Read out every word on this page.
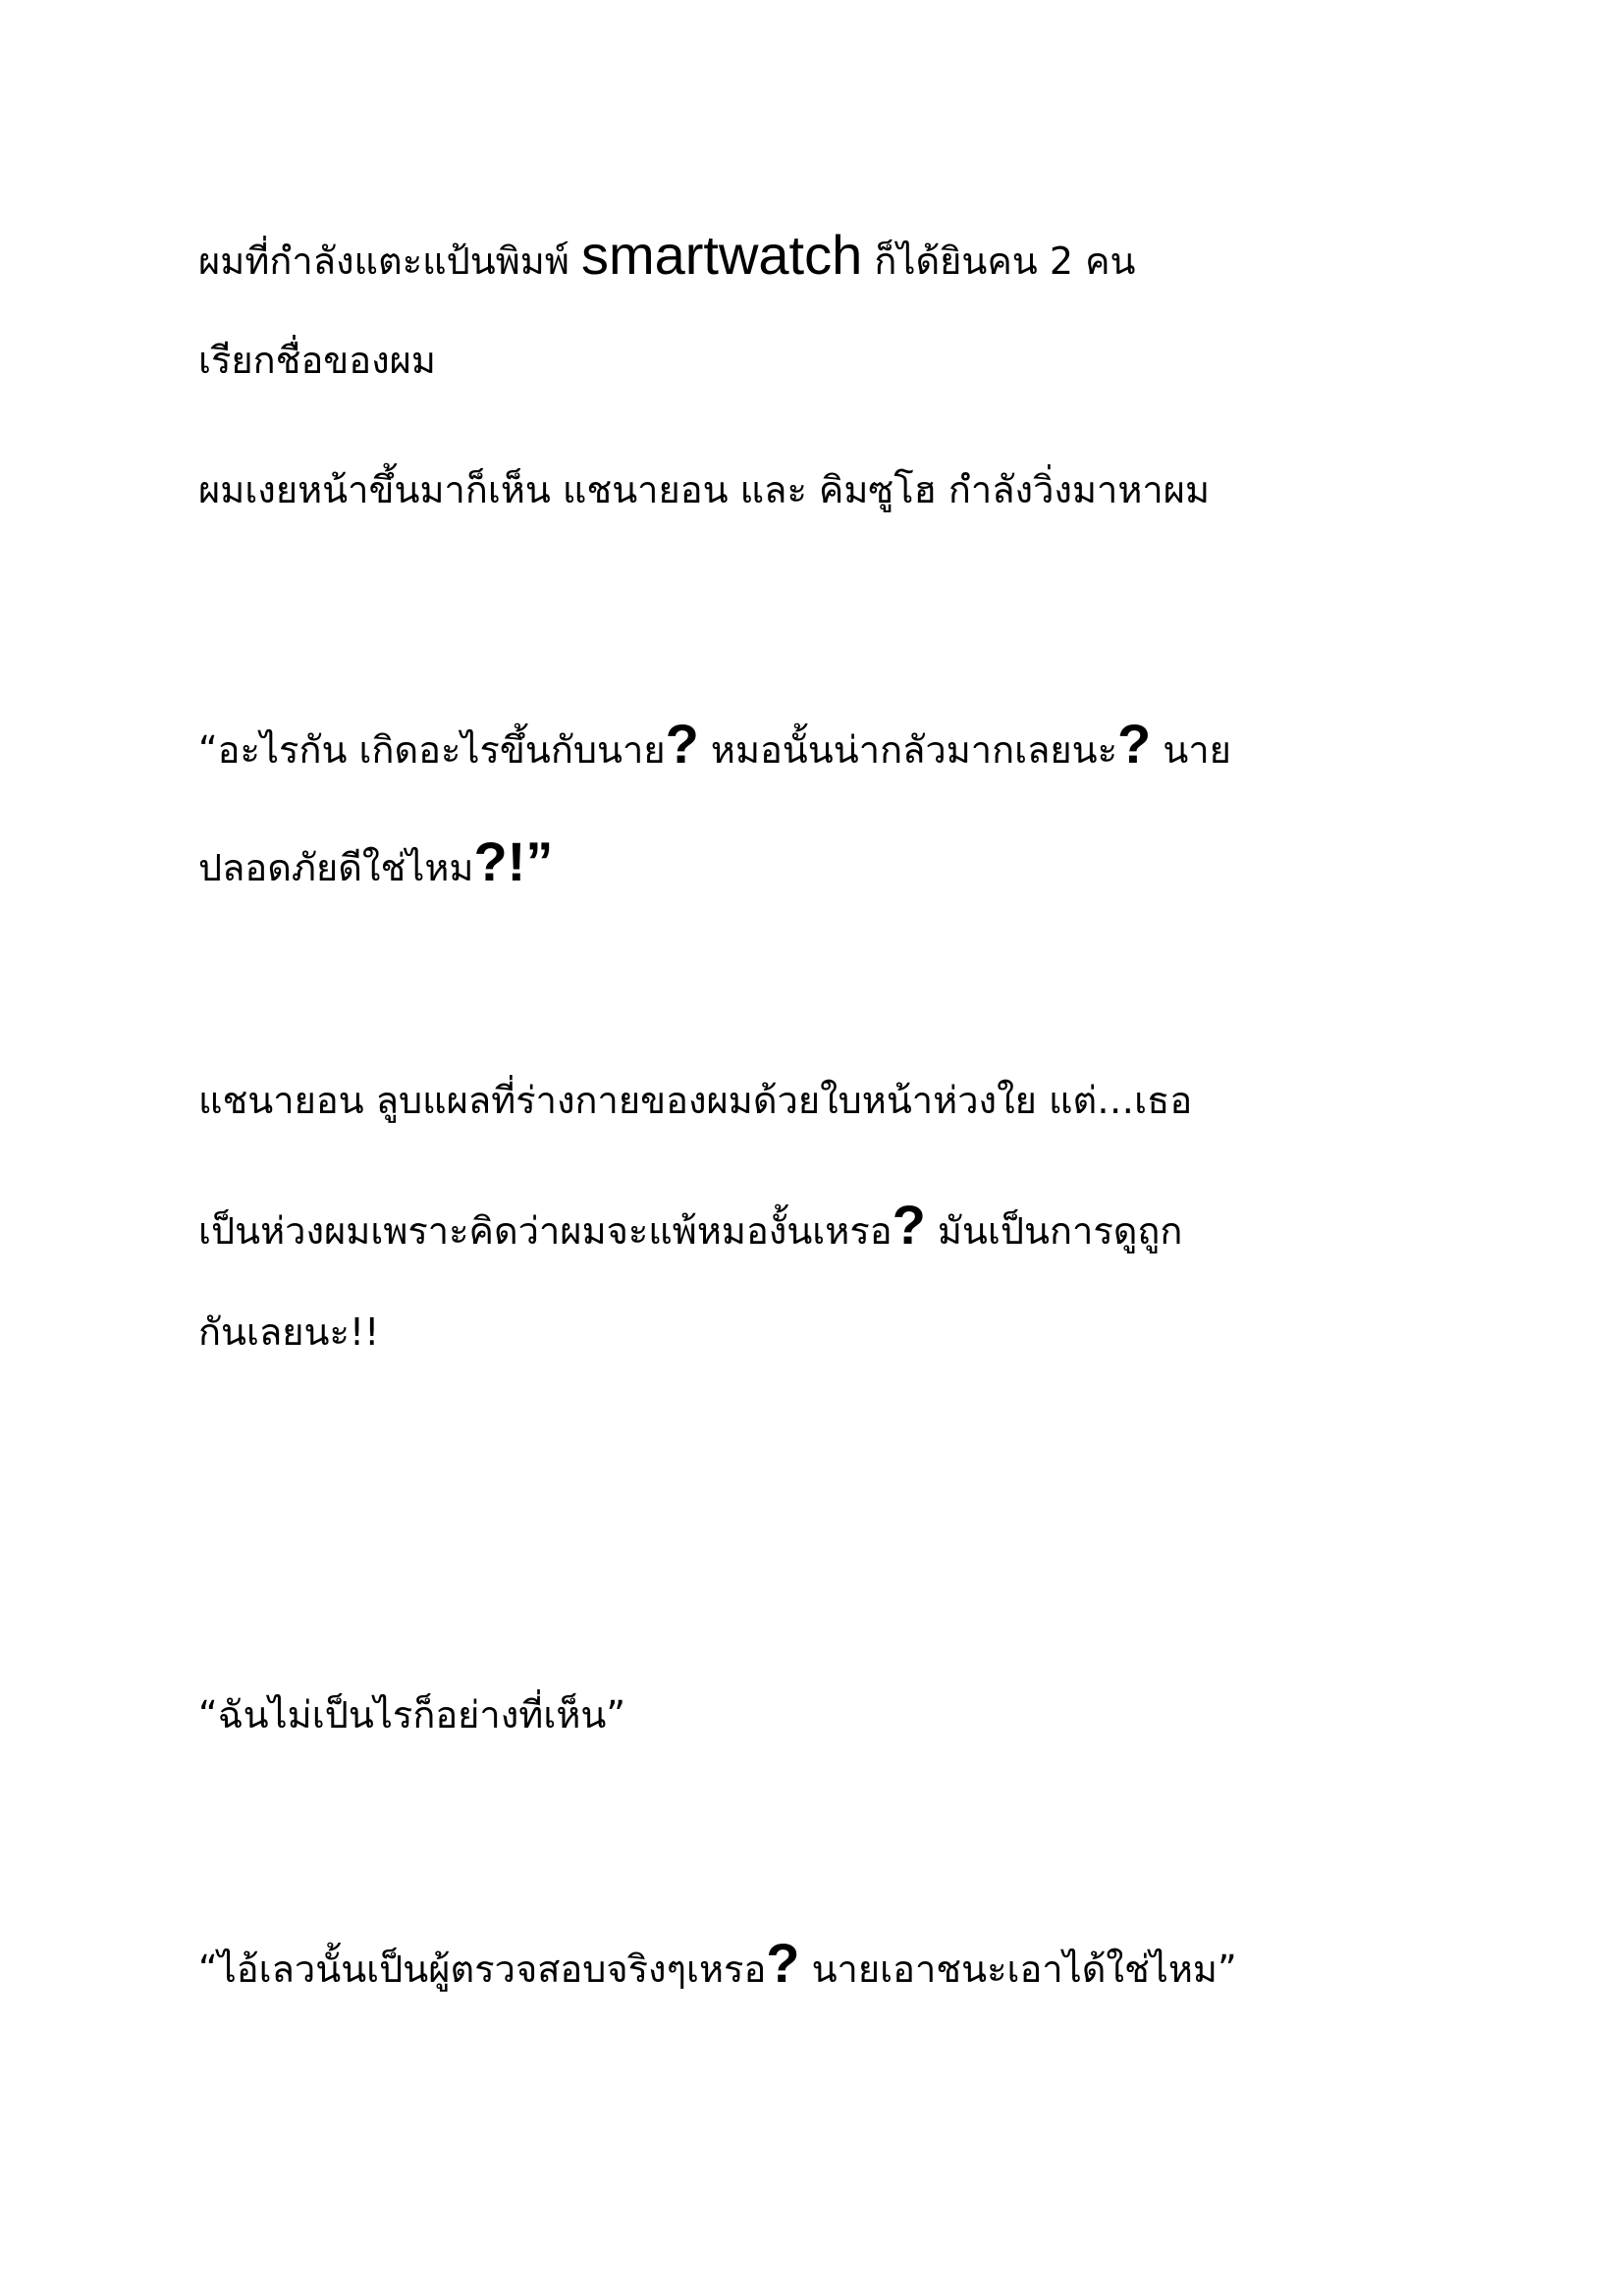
ผมที่กำลังแตะแป้นพิมพ์ smartwatch ก็ได้ยินคน 2 คน
เรียกชื่อของผม
ผมเงยหน้าขึ้นมาก็เห็น แชนายอน และ คิมซูโฮ กำลังวิ่งมาหาผม
“อะไรกัน เกิดอะไรขึ้นกับนาย? หมอนั้นน่ากลัวมากเลยนะ? นาย
ปลอดภัยดีใช่ไหม?!”
แชนายอน ลูบแผลที่ร่างกายของผมด้วยใบหน้าห่วงใย แต่…เธอ
เป็นห่วงผมเพราะคิดว่าผมจะแพ้หมองั้นเหรอ? มันเป็นการดูถูก
กันเลยนะ!!
“ฉันไม่เป็นไรก็อย่างที่เห็น”
“ไอ้เลวนั้นเป็นผู้ตรวจสอบจริงๆเหรอ? นายเอาชนะเอาได้ใช่ไหม”
